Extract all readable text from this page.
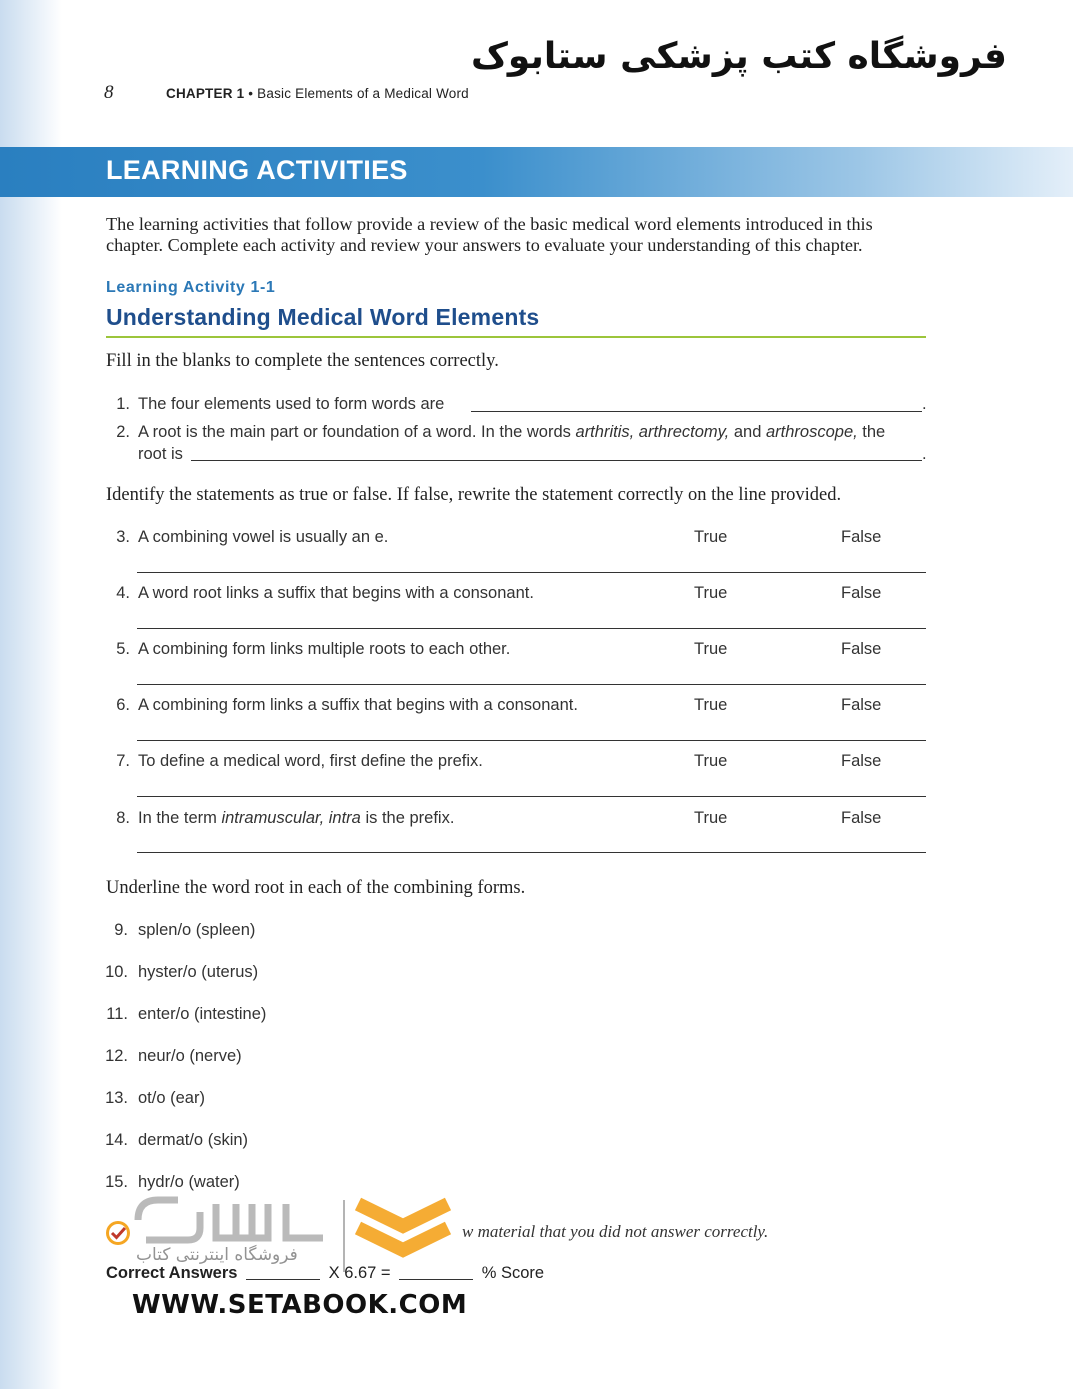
8	CHAPTER 1 • Basic Elements of a Medical Word
فروشگاه کتب پزشکی ستابوک
LEARNING ACTIVITIES
The learning activities that follow provide a review of the basic medical word elements introduced in this chapter. Complete each activity and review your answers to evaluate your understanding of this chapter.
Learning Activity 1-1
Understanding Medical Word Elements
Fill in the blanks to complete the sentences correctly.
1. The four elements used to form words are	.
2. A root is the main part or foundation of a word. In the words arthritis, arthrectomy, and arthroscope, the
root is	.
Identify the statements as true or false. If false, rewrite the statement correctly on the line provided.
3. A combining vowel is usually an e.	True	False
4. A word root links a suffix that begins with a consonant.	True	False
5. A combining form links multiple roots to each other.	True	False
6. A combining form links a suffix that begins with a consonant.	True	False
7. To define a medical word, first define the prefix.	True	False
8. In the term intramuscular, intra is the prefix.	True	False
Underline the word root in each of the combining forms.
9. splen/o (spleen)
10. hyster/o (uterus)
11. enter/o (intestine)
12. neur/o (nerve)
13. ot/o (ear)
14. dermat/o (skin)
15. hydr/o (water)
w material that you did not answer correctly.
Correct Answers	X 6.67 =	% Score
فروشگاه اینترنتی کتاب
WWW.SETABOOK.COM
